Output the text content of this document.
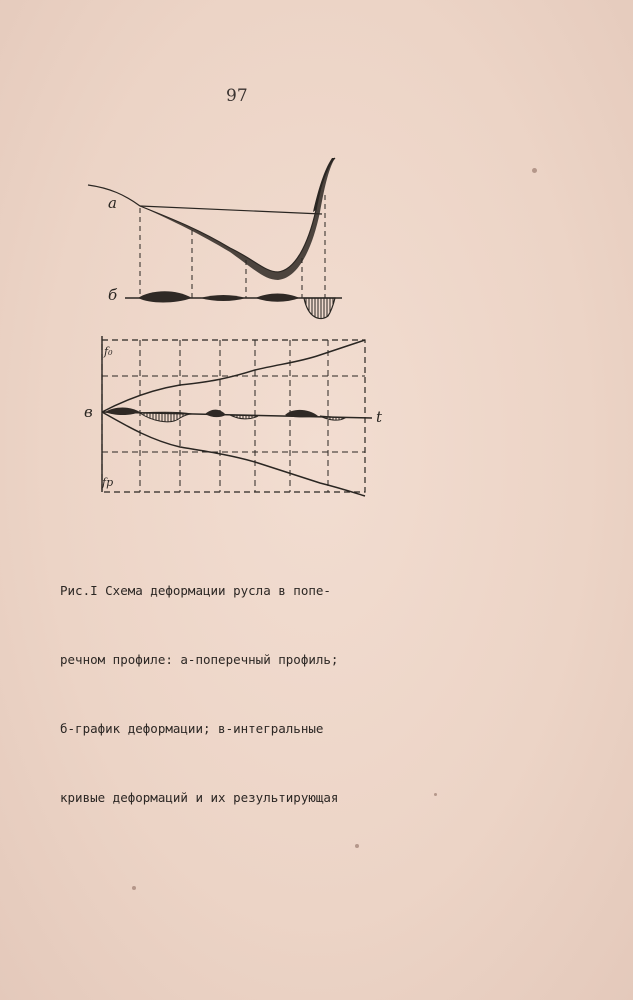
97
а
б
в	t
f₀
fр

Рис.I Схема деформации русла в попе-

речном профиле: а-поперечный профиль;

б-график деформации; в-интегральные

кривые деформаций и их результирующая
